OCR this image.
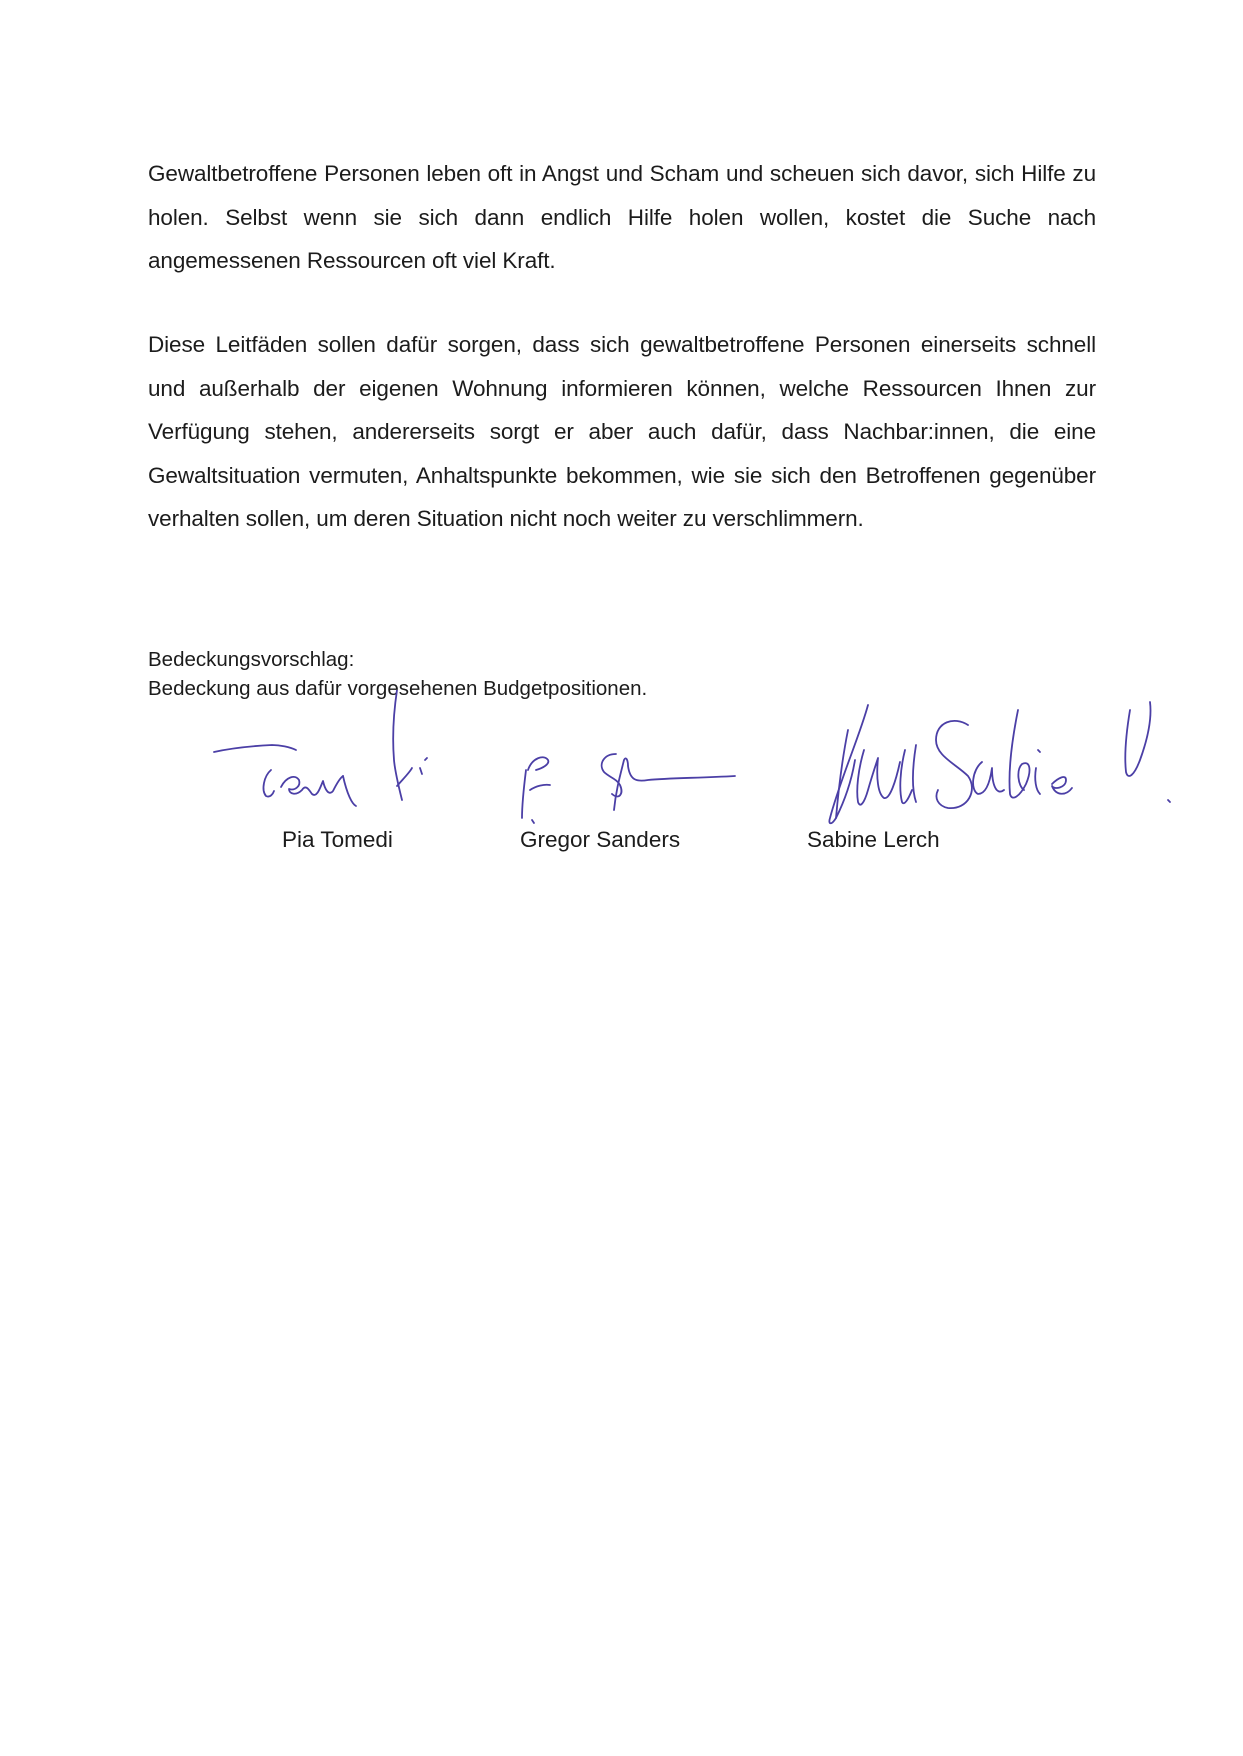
Gewaltbetroffene Personen leben oft in Angst und Scham und scheuen sich davor, sich Hilfe zu holen. Selbst wenn sie sich dann endlich Hilfe holen wollen, kostet die Suche nach angemessenen Ressourcen oft viel Kraft.

Diese Leitfäden sollen dafür sorgen, dass sich gewaltbetroffene Personen einerseits schnell und außerhalb der eigenen Wohnung informieren können, welche Ressourcen Ihnen zur Verfügung stehen, andererseits sorgt er aber auch dafür, dass Nachbar:innen, die eine Gewaltsituation vermuten, Anhaltspunkte bekommen, wie sie sich den Betroffenen gegenüber verhalten sollen, um deren Situation nicht noch weiter zu verschlimmern.

Bedeckungsvorschlag:
Bedeckung aus dafür vorgesehenen Budgetpositionen.
Pia Tomedi	Gregor Sanders	Sabine Lerch
